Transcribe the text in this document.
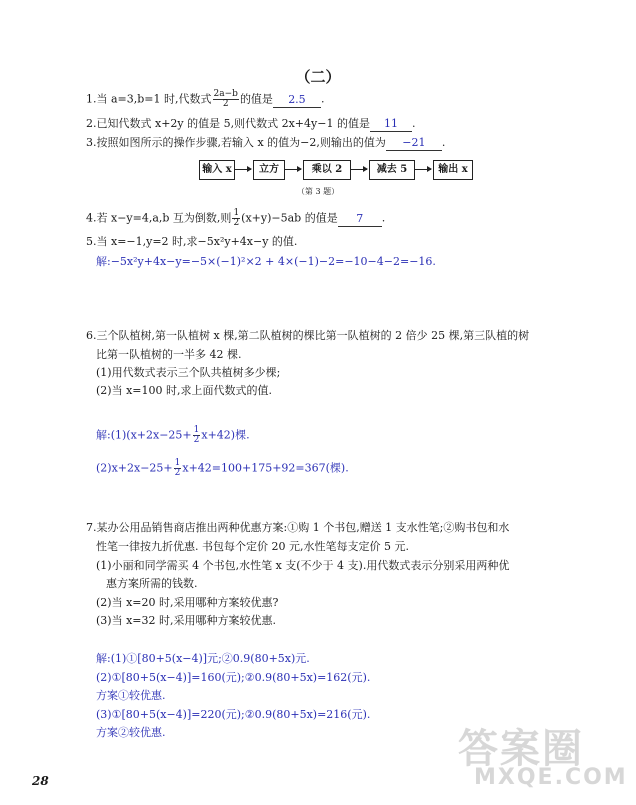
（二）
1.当 a=3,b=1 时,代数式 $\frac{2a-b}{2}$ 的值是 2.5 .
2.已知代数式 x+2y 的值是 5,则代数式 2x+4y−1 的值是 11 .
3.按照如图所示的操作步骤,若输入 x 的值为−2,则输出的值为 −21 .
输入 x	立方	乘以 2	减去 5	输出 x
（第 3 题）
4.若 x−y=4,a,b 互为倒数,则 $\frac{1}{2} (x+y)-5ab$ 的值是 7 .
5.当 x=−1,y=2 时,求−5x²y+4x−y 的值.
解:−5x²y+4x−y=−5×(−1)²×2 + 4×(−1)−2=−10−4−2=−16.
6.三个队植树,第一队植树 x 棵,第二队植树的棵比第一队植树的 2 倍少 25 棵,第三队植的树
比第一队植树的一半多 42 棵.
(1)用代数式表示三个队共植树多少棵;
(2)当 x=100 时,求上面代数式的值.
解:(1)(x+2x−25+ $\frac{1}{2} x+42$)棵.
$(2)x+2x-25+ \frac{1}{2} x+42=100+175+92=367$(棵).
7.某办公用品销售商店推出两种优惠方案:①购 1 个书包,赠送 1 支水性笔;②购书包和水
性笔一律按九折优惠. 书包每个定价 20 元,水性笔每支定价 5 元.
(1)小丽和同学需买 4 个书包,水性笔 x 支(不少于 4 支).用代数式表示分别采用两种优
惠方案所需的钱数.
(2)当 x=20 时,采用哪种方案较优惠?
(3)当 x=32 时,采用哪种方案较优惠.
解:(1)①[80+5(x−4)]元;②0.9(80+5x)元.
(2)①[80+5(x−4)]=160(元);②0.9(80+5x)=162(元).
方案①较优惠.
(3)①[80+5(x−4)]=220(元);②0.9(80+5x)=216(元).
方案②较优惠.
28
答案圈
MXQE.COM
